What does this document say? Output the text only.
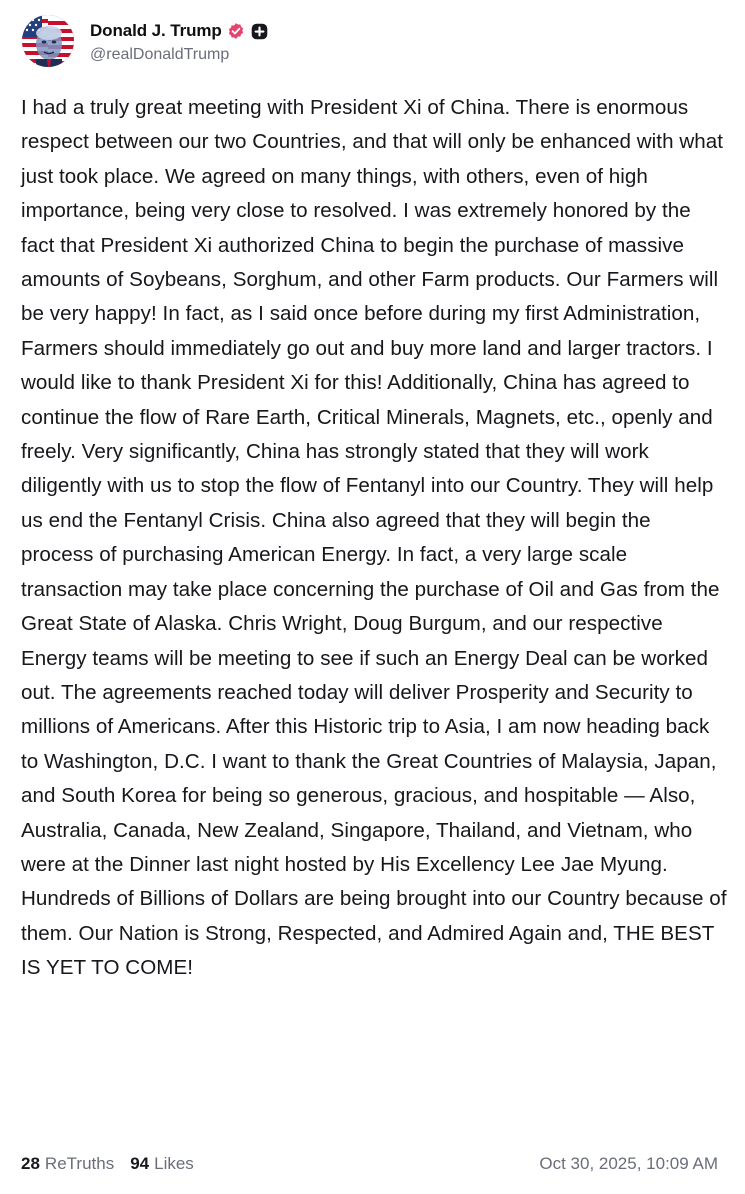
Donald J. Trump
@realDonaldTrump

I had a truly great meeting with President Xi of China. There is enormous respect between our two Countries, and that will only be enhanced with what just took place. We agreed on many things, with others, even of high importance, being very close to resolved. I was extremely honored by the fact that President Xi authorized China to begin the purchase of massive amounts of Soybeans, Sorghum, and other Farm products. Our Farmers will be very happy! In fact, as I said once before during my first Administration, Farmers should immediately go out and buy more land and larger tractors. I would like to thank President Xi for this! Additionally, China has agreed to continue the flow of Rare Earth, Critical Minerals, Magnets, etc., openly and freely. Very significantly, China has strongly stated that they will work diligently with us to stop the flow of Fentanyl into our Country. They will help us end the Fentanyl Crisis. China also agreed that they will begin the process of purchasing American Energy. In fact, a very large scale transaction may take place concerning the purchase of Oil and Gas from the Great State of Alaska. Chris Wright, Doug Burgum, and our respective Energy teams will be meeting to see if such an Energy Deal can be worked out. The agreements reached today will deliver Prosperity and Security to millions of Americans. After this Historic trip to Asia, I am now heading back to Washington, D.C. I want to thank the Great Countries of Malaysia, Japan, and South Korea for being so generous, gracious, and hospitable — Also, Australia, Canada, New Zealand, Singapore, Thailand, and Vietnam, who were at the Dinner last night hosted by His Excellency Lee Jae Myung. Hundreds of Billions of Dollars are being brought into our Country because of them. Our Nation is Strong, Respected, and Admired Again and, THE BEST IS YET TO COME!

28 ReTruths 94 Likes	Oct 30, 2025, 10:09 AM
